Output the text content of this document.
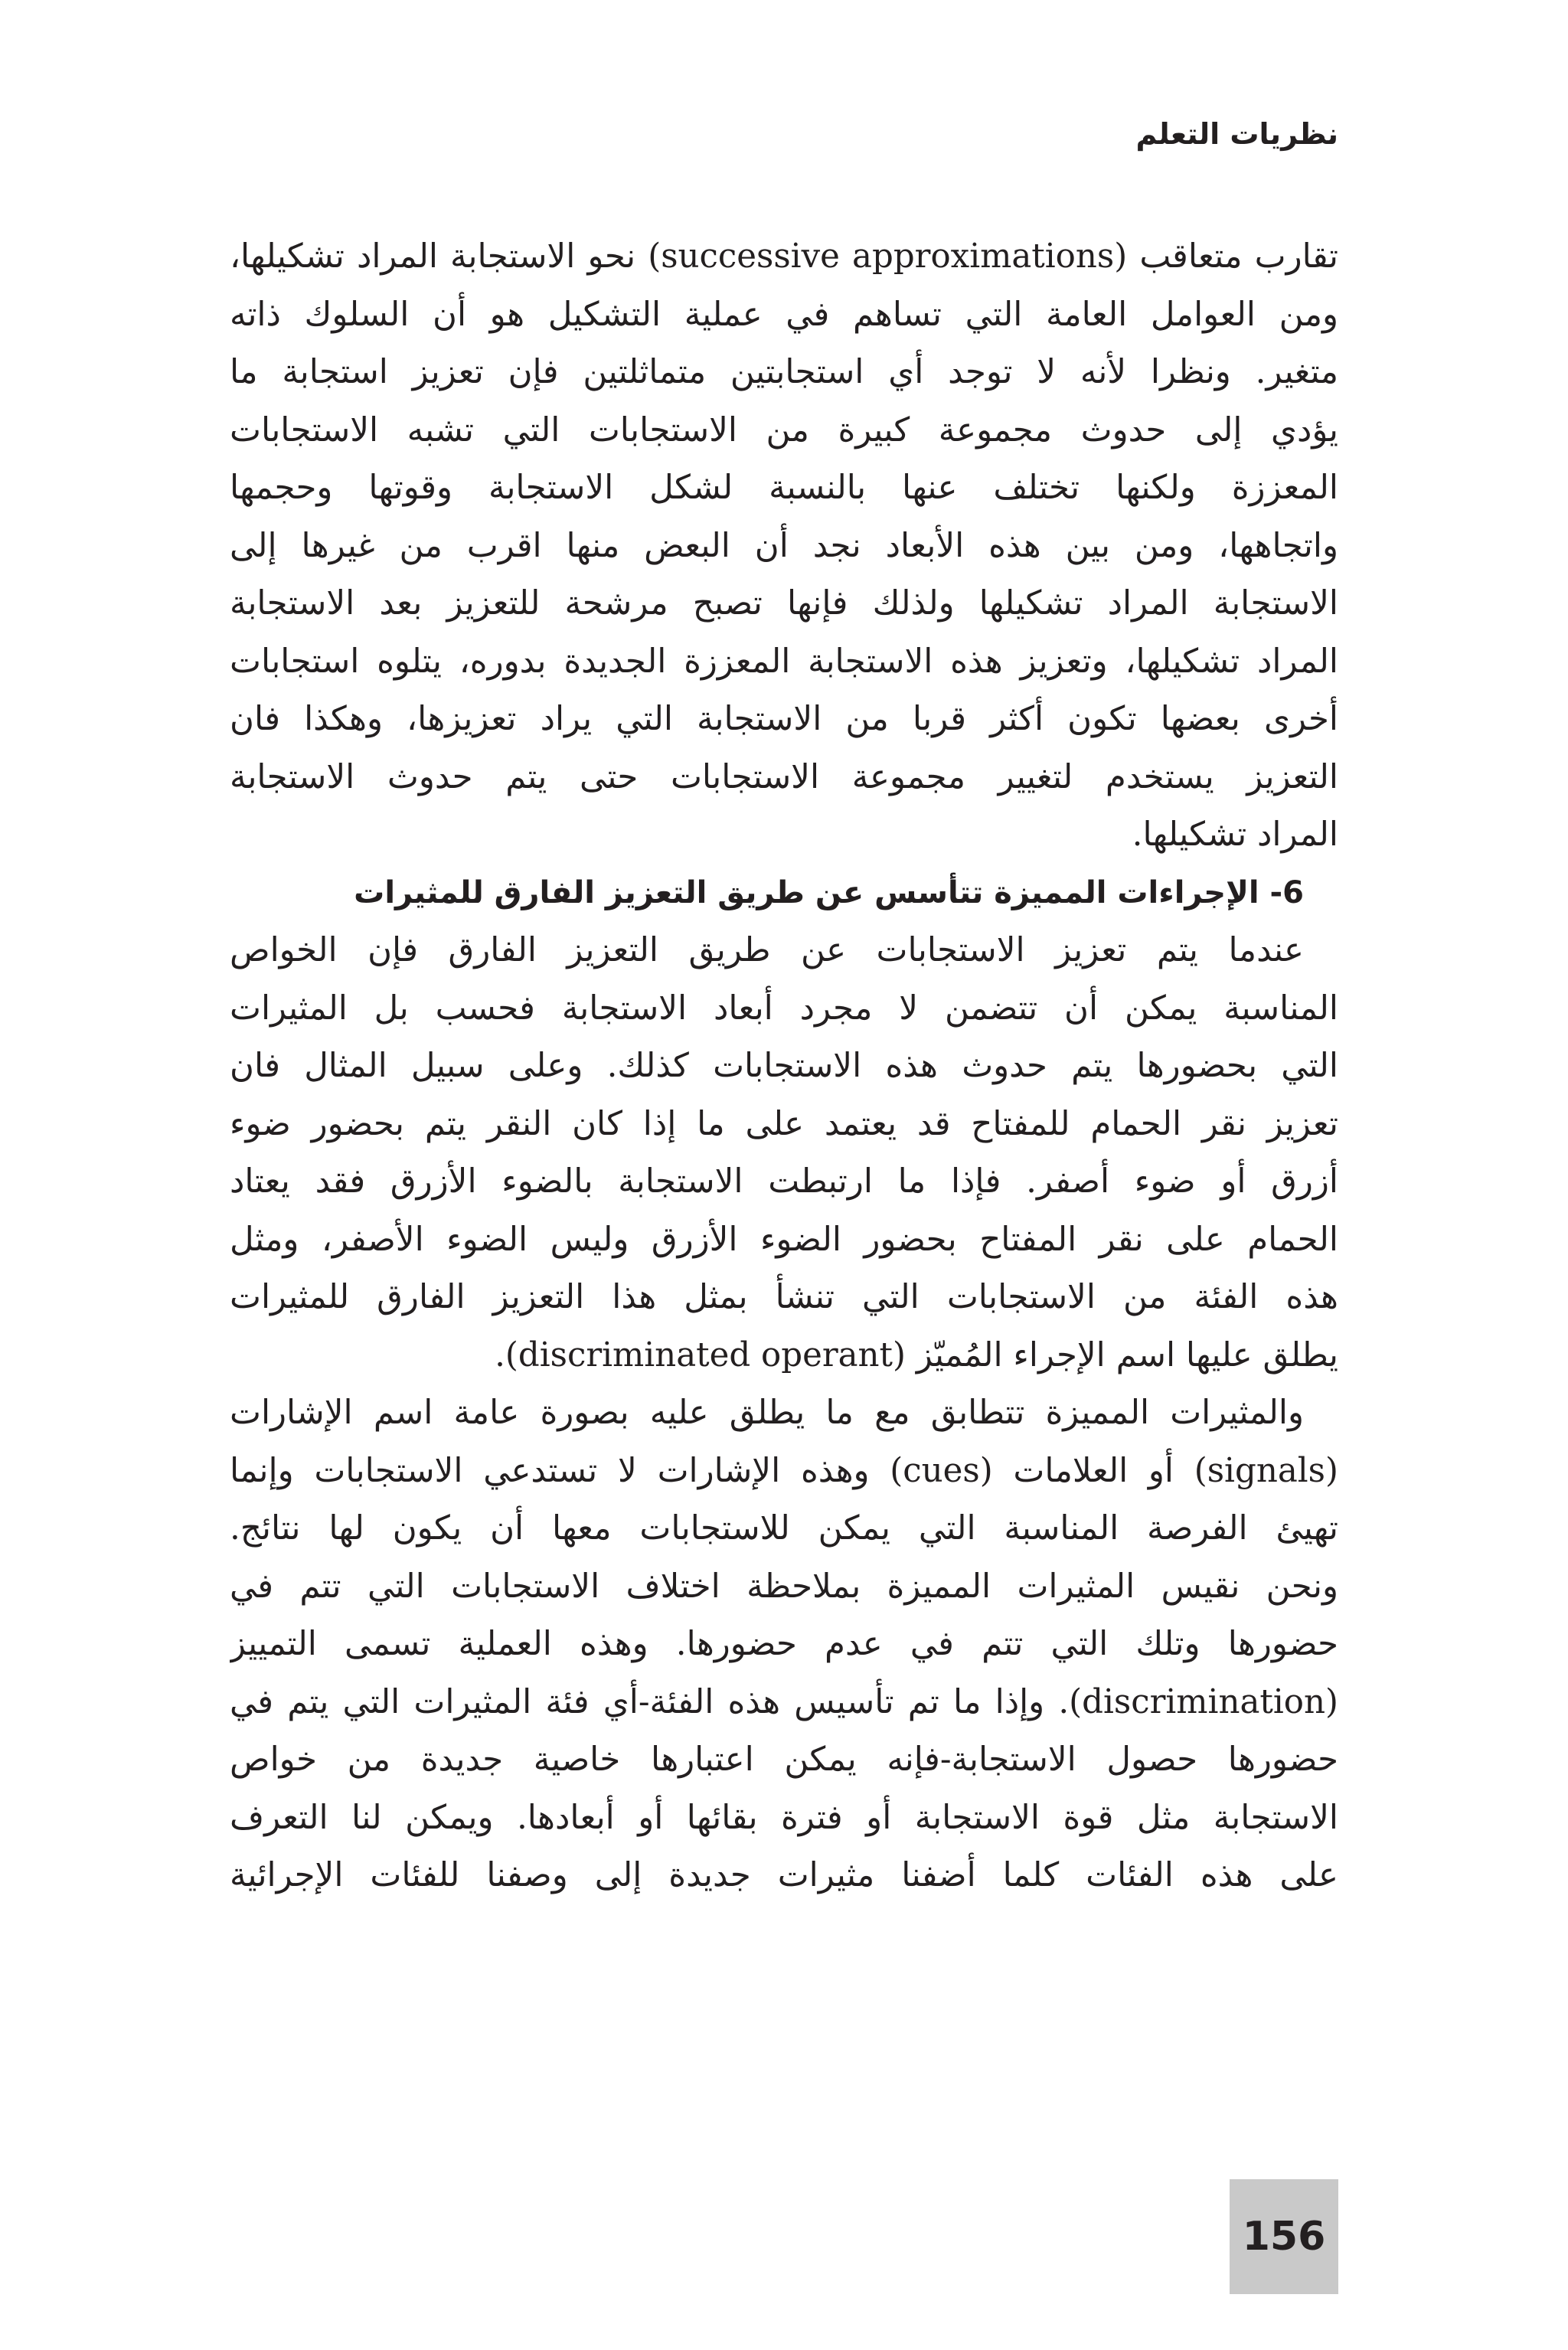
نظريات التعلم
تقارب متعاقب (successive approximations) نحو الاستجابة المراد تشكيلها،
ومن العوامل العامة التي تساهم في عملية التشكيل هو أن السلوك ذاته
متغير. ونظرا لأنه لا توجد أي استجابتين متماثلتين فإن تعزيز استجابة ما
يؤدي إلى حدوث مجموعة كبيرة من الاستجابات التي تشبه الاستجابات
المعززة ولكنها تختلف عنها بالنسبة لشكل الاستجابة وقوتها وحجمها
واتجاهها، ومن بين هذه الأبعاد نجد أن البعض منها اقرب من غيرها إلى
الاستجابة المراد تشكيلها ولذلك فإنها تصبح مرشحة للتعزيز بعد الاستجابة
المراد تشكيلها، وتعزيز هذه الاستجابة المعززة الجديدة بدوره، يتلوه استجابات
أخرى بعضها تكون أكثر قربا من الاستجابة التي يراد تعزيزها، وهكذا فان
التعزيز يستخدم لتغيير مجموعة الاستجابات حتى يتم حدوث الاستجابة
المراد تشكيلها.
6- الإجراءات المميزة تتأسس عن طريق التعزيز الفارق للمثيرات
عندما يتم تعزيز الاستجابات عن طريق التعزيز الفارق فإن الخواص
المناسبة يمكن أن تتضمن لا مجرد أبعاد الاستجابة فحسب بل المثيرات
التي بحضورها يتم حدوث هذه الاستجابات كذلك. وعلى سبيل المثال فان
تعزيز نقر الحمام للمفتاح قد يعتمد على ما إذا كان النقر يتم بحضور ضوء
أزرق أو ضوء أصفر. فإذا ما ارتبطت الاستجابة بالضوء الأزرق فقد يعتاد
الحمام على نقر المفتاح بحضور الضوء الأزرق وليس الضوء الأصفر، ومثل
هذه الفئة من الاستجابات التي تنشأ بمثل هذا التعزيز الفارق للمثيرات
يطلق عليها اسم الإجراء المُميّز (discriminated operant).
والمثيرات المميزة تتطابق مع ما يطلق عليه بصورة عامة اسم الإشارات
(signals) أو العلامات (cues) وهذه الإشارات لا تستدعي الاستجابات وإنما
تهيئ الفرصة المناسبة التي يمكن للاستجابات معها أن يكون لها نتائج.
ونحن نقيس المثيرات المميزة بملاحظة اختلاف الاستجابات التي تتم في
حضورها وتلك التي تتم في عدم حضورها. وهذه العملية تسمى التمييز
(discrimination). وإذا ما تم تأسيس هذه الفئة-أي فئة المثيرات التي يتم في
حضورها حصول الاستجابة-فإنه يمكن اعتبارها خاصية جديدة من خواص
الاستجابة مثل قوة الاستجابة أو فترة بقائها أو أبعادها. ويمكن لنا التعرف
على هذه الفئات كلما أضفنا مثيرات جديدة إلى وصفنا للفئات الإجرائية
156
